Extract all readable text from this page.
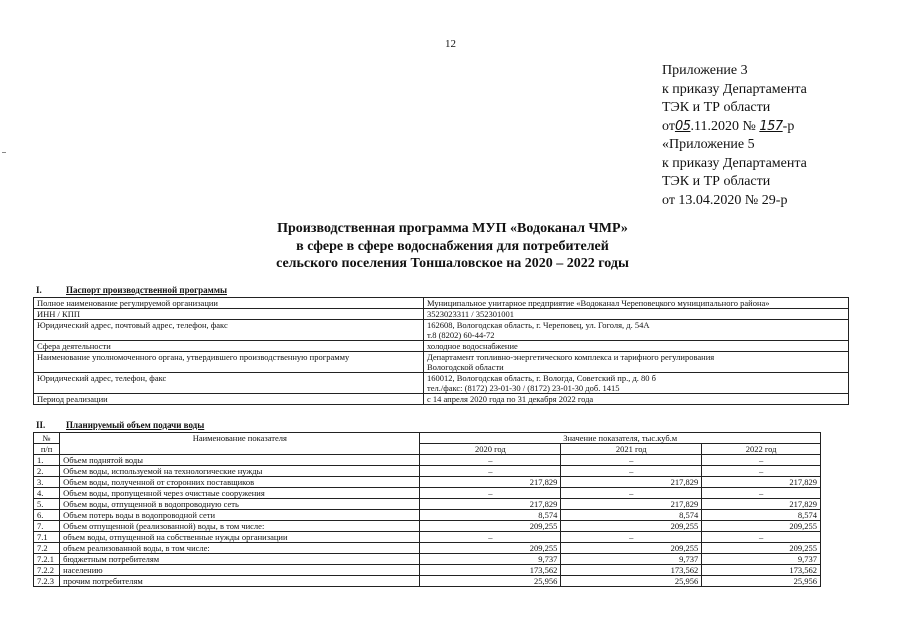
12
Приложение 3
к приказу Департамента
ТЭК и ТР области
от05.11.2020 № 157-р
«Приложение 5
к приказу Департамента
ТЭК и ТР области
от 13.04.2020 № 29-р
Производственная программа МУП «Водоканал ЧМР»
в сфере в сфере водоснабжения для потребителей
сельского поселения Тоншаловское на 2020 – 2022 годы
I.	Паспорт производственной программы
Полное наименование регулируемой организации	Муниципальное унитарное предприятие «Водоканал Череповецкого муниципального района»

ИНН / КПП	3523023311 / 352301001

Юридический адрес, почтовый адрес, телефон, факс	162608, Вологодская область, г. Череповец, ул. Гоголя, д. 54А
т.8 (8202) 60-44-72

Сфера деятельности	холодное водоснабжение

Наименование уполномоченного органа, утвердившего производственную программу	Департамент топливно-энергетического комплекса и тарифного регулирования
Вологодской области

Юридический адрес, телефон, факс	160012, Вологодская область, г. Вологда, Советский пр., д. 80 б
тел./факс: (8172) 23-01-30 / (8172) 23-01-30 доб. 1415

Период реализации	с 14 апреля 2020 года по 31 декабря 2022 года
II. Планируемый объем подачи воды
№	Наименование показателя	Значение показателя, тыс.куб.м		
п/п		2020 год	2021 год	2022 год
1.	Объем поднятой воды	–	–	–
2.	Объем воды, используемой на технологические нужды	–	–	–
3.	Объем воды, полученной от сторонних поставщиков	217,829	217,829	217,829
4.	Объем воды, пропущенной через очистные сооружения	–	–	–
5.	Объем воды, отпущенной в водопроводную сеть	217,829	217,829	217,829
6.	Объем потерь воды в водопроводной сети	8,574	8,574	8,574
7.	Объем отпущенной (реализованной) воды, в том числе:	209,255	209,255	209,255
7.1	объем воды, отпущенной на собственные нужды организации	–	–	–
7.2	объем реализованной воды, в том числе:	209,255	209,255	209,255
7.2.1	бюджетным потребителям	9,737	9,737	9,737
7.2.2	населению	173,562	173,562	173,562
7.2.3	прочим потребителям	25,956	25,956	25,956
